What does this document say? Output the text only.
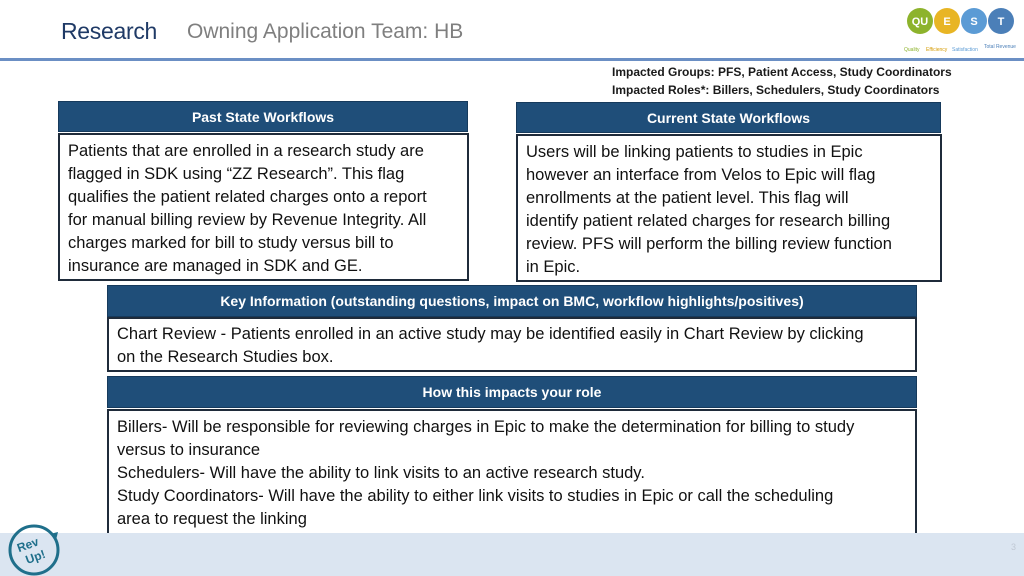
Research Owning Application Team: HB	QU E S T
Quality Efficiency Satisfaction Total Revenue
Impacted Groups: PFS, Patient Access, Study Coordinators
Impacted Roles*: Billers, Schedulers, Study Coordinators
Past State Workflows
Patients that are enrolled in a research study are
flagged in SDK using “ZZ Research”. This flag
qualifies the patient related charges onto a report
for manual billing review by Revenue Integrity. All
charges marked for bill to study versus bill to
insurance are managed in SDK and GE.
Current State Workflows
Users will be linking patients to studies in Epic
however an interface from Velos to Epic will flag
enrollments at the patient level. This flag will
identify patient related charges for research billing
review. PFS will perform the billing review function
in Epic.
Key Information (outstanding questions, impact on BMC, workflow highlights/positives)
Chart Review - Patients enrolled in an active study may be identified easily in Chart Review by clicking
on the Research Studies box.
How this impacts your role
Billers- Will be responsible for reviewing charges in Epic to make the determination for billing to study
versus to insurance
Schedulers- Will have the ability to link visits to an active research study.
Study Coordinators- Will have the ability to either link visits to studies in Epic or call the scheduling
area to request the linking
Rev
Up!	3
